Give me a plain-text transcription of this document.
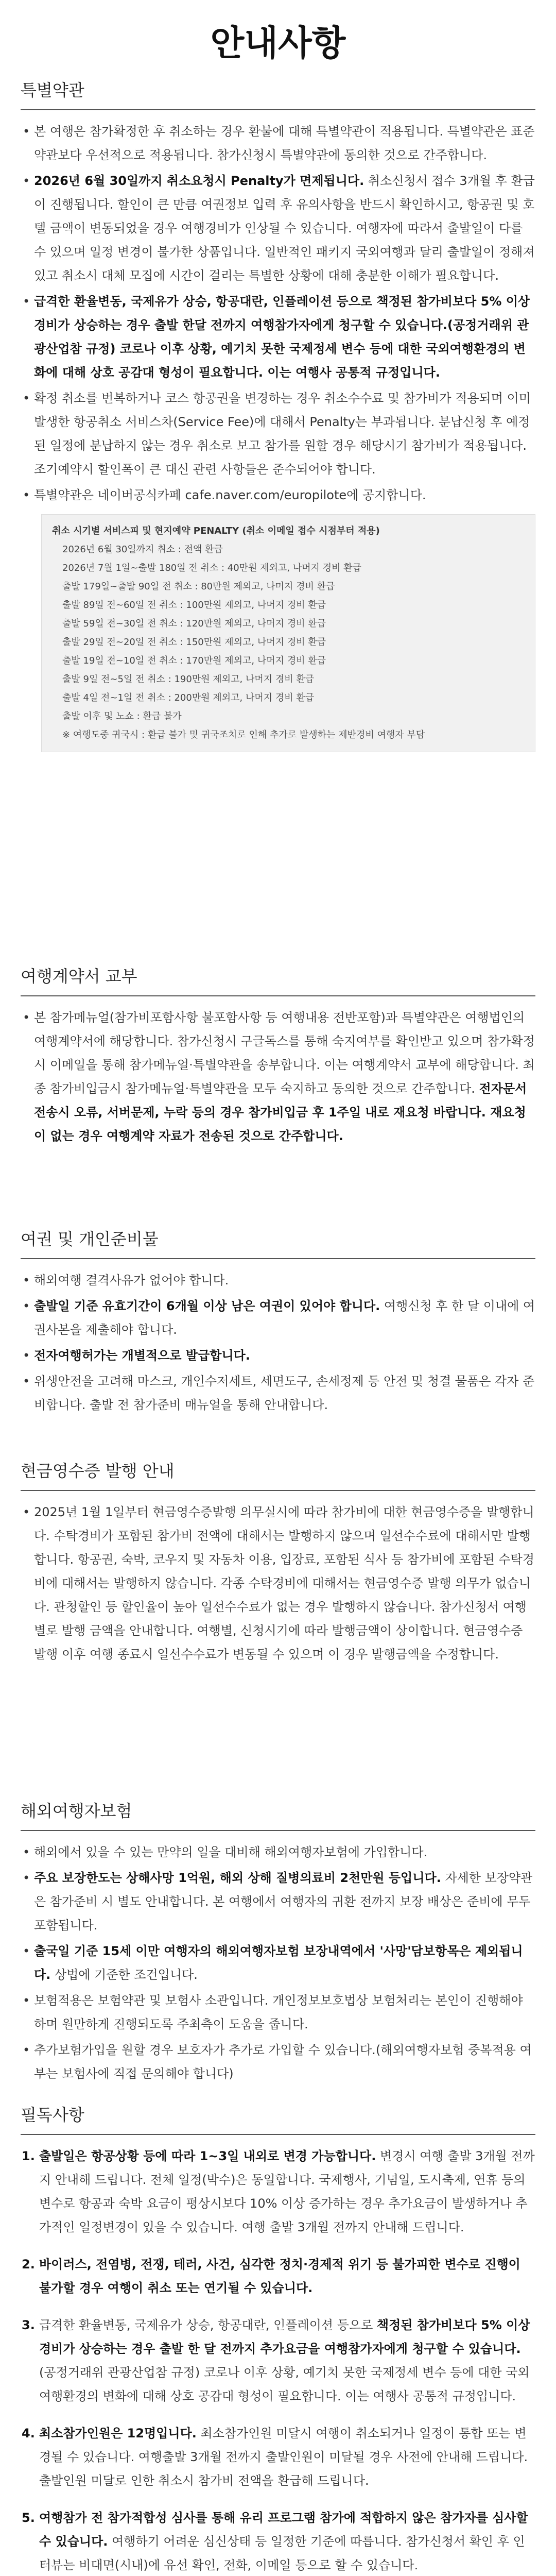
안내사항
특별약관
• 본 여행은 참가확정한 후 취소하는 경우 환불에 대해 특별약관이 적용됩니다. 특별약관은 표준약관보다 우선적으로 적용됩니다. 참가신청시 특별약관에 동의한 것으로 간주합니다.
• 2026년 6월 30일까지 취소요청시 Penalty가 면제됩니다. 취소신청서 접수 3개월 후 환급이 진행됩니다. 할인이 큰 만큼 여권정보 입력 후 유의사항을 반드시 확인하시고, 항공권 및 호텔 금액이 변동되었을 경우 여행경비가 인상될 수 있습니다. 여행자에 따라서 출발일이 다를 수 있으며 일정 변경이 불가한 상품입니다. 일반적인 패키지 국외여행과 달리 출발일이 정해져 있고 취소시 대체 모집에 시간이 걸리는 특별한 상황에 대해 충분한 이해가 필요합니다.
• 급격한 환율변동, 국제유가 상승, 항공대란, 인플레이션 등으로 책정된 참가비보다 5% 이상 경비가 상승하는 경우 출발 한달 전까지 여행참가자에게 청구할 수 있습니다.(공정거래위 관광산업참 규정) 코로나 이후 상황, 예기치 못한 국제정세 변수 등에 대한 국외여행환경의 변화에 대해 상호 공감대 형성이 필요합니다. 이는 여행사 공통적 규정입니다.
• 확정 취소를 번복하거나 코스 항공권을 변경하는 경우 취소수수료 및 참가비가 적용되며 이미 발생한 항공취소 서비스차(Service Fee)에 대해서 Penalty는 부과됩니다. 분납신청 후 예정된 일정에 분납하지 않는 경우 취소로 보고 참가를 원할 경우 해당시기 참가비가 적용됩니다. 조기예약시 할인폭이 큰 대신 관련 사항들은 준수되어야 합니다.
• 특별약관은 네이버공식카페 cafe.naver.com/europilote에 공지합니다.
취소 시기별 서비스피 및 현지예약 PENALTY (취소 이메일 접수 시점부터 적용)
2026년 6월 30일까지 취소 : 전액 환급
2026년 7월 1일~출발 180일 전 취소 : 40만원 제외고, 나머지 경비 환급
출발 179일~출발 90일 전 취소 : 80만원 제외고, 나머지 경비 환급
출발 89일 전~60일 전 취소 : 100만원 제외고, 나머지 경비 환급
출발 59일 전~30일 전 취소 : 120만원 제외고, 나머지 경비 환급
출발 29일 전~20일 전 취소 : 150만원 제외고, 나머지 경비 환급
출발 19일 전~10일 전 취소 : 170만원 제외고, 나머지 경비 환급
출발 9일 전~5일 전 취소 : 190만원 제외고, 나머지 경비 환급
출발 4일 전~1일 전 취소 : 200만원 제외고, 나머지 경비 환급
출발 이후 및 노쇼 : 환급 불가
※ 여행도중 귀국시 : 환급 불가 및 귀국조치로 인해 추가로 발생하는 제반경비 여행자 부담
여행계약서 교부
• 본 참가메뉴얼(참가비포함사항 불포함사항 등 여행내용 전반포함)과 특별약관은 여행법인의 여행계약서에 해당합니다. 참가신청시 구글독스를 통해 숙지여부를 확인받고 있으며 참가확정시 이메일을 통해 참가메뉴얼·특별약관을 송부합니다. 이는 여행계약서 교부에 해당합니다. 최종 참가비입금시 참가메뉴얼·특별약관을 모두 숙지하고 동의한 것으로 간주합니다. 전자문서 전송시 오류, 서버문제, 누락 등의 경우 참가비입금 후 1주일 내로 재요청 바랍니다. 재요청이 없는 경우 여행계약 자료가 전송된 것으로 간주합니다.
여권 및 개인준비물
• 해외여행 결격사유가 없어야 합니다.
• 출발일 기준 유효기간이 6개월 이상 남은 여권이 있어야 합니다. 여행신청 후 한 달 이내에 여권사본을 제출해야 합니다.
• 전자여행허가는 개별적으로 발급합니다.
• 위생안전을 고려해 마스크, 개인수저세트, 세면도구, 손세정제 등 안전 및 청결 물품은 각자 준비합니다. 출발 전 참가준비 매뉴얼을 통해 안내합니다.
현금영수증 발행 안내
• 2025년 1월 1일부터 현금영수증발행 의무실시에 따라 참가비에 대한 현금영수증을 발행합니다. 수탁경비가 포함된 참가비 전액에 대해서는 발행하지 않으며 일선수수료에 대해서만 발행합니다. 항공권, 숙박, 코우지 및 자동차 이용, 입장료, 포함된 식사 등 참가비에 포함된 수탁경비에 대해서는 발행하지 않습니다. 각종 수탁경비에 대해서는 현금영수증 발행 의무가 없습니다. 관청할인 등 할인율이 높아 일선수수료가 없는 경우 발행하지 않습니다. 참가신청서 여행별로 발행 금액을 안내합니다. 여행별, 신청시기에 따라 발행금액이 상이합니다. 현금영수증 발행 이후 여행 종료시 일선수수료가 변동될 수 있으며 이 경우 발행금액을 수정합니다.
해외여행자보험
• 해외에서 있을 수 있는 만약의 일을 대비해 해외여행자보험에 가입합니다.
• 주요 보장한도는 상해사망 1억원, 해외 상해 질병의료비 2천만원 등입니다. 자세한 보장약관은 참가준비 시 별도 안내합니다. 본 여행에서 여행자의 귀환 전까지 보장 배상은 준비에 무두 포함됩니다.
• 출국일 기준 15세 이만 여행자의 해외여행자보험 보장내역에서 '사망'담보항목은 제외됩니다. 상법에 기준한 조건입니다.
• 보험적용은 보험약관 및 보험사 소관입니다. 개인정보보호법상 보험처리는 본인이 진행해야 하며 원만하게 진행되도록 주최측이 도움을 줍니다.
• 추가보험가입을 원할 경우 보호자가 추가로 가입할 수 있습니다.(해외여행자보험 중복적용 여부는 보험사에 직접 문의해야 합니다)
필독사항
1. 출발일은 항공상황 등에 따라 1~3일 내외로 변경 가능합니다. 변경시 여행 출발 3개월 전까지 안내해 드립니다. 전체 일정(박수)은 동일합니다. 국제행사, 기념일, 도시축제, 연휴 등의 변수로 항공과 숙박 요금이 평상시보다 10% 이상 증가하는 경우 추가요금이 발생하거나 추가적인 일정변경이 있을 수 있습니다. 여행 출발 3개월 전까지 안내해 드립니다.
2. 바이러스, 전염병, 전쟁, 테러, 사건, 심각한 정치·경제적 위기 등 불가피한 변수로 진행이 불가할 경우 여행이 취소 또는 연기될 수 있습니다.
3. 급격한 환율변동, 국제유가 상승, 항공대란, 인플레이션 등으로 책정된 참가비보다 5% 이상 경비가 상승하는 경우 출발 한 달 전까지 추가요금을 여행참가자에게 청구할 수 있습니다. (공정거래위 관광산업참 규정) 코로나 이후 상황, 예기치 못한 국제정세 변수 등에 대한 국외여행환경의 변화에 대해 상호 공감대 형성이 필요합니다. 이는 여행사 공통적 규정입니다.
4. 최소참가인원은 12명입니다. 최소참가인원 미달시 여행이 취소되거나 일정이 통합 또는 변경될 수 있습니다. 여행출발 3개월 전까지 출발인원이 미달될 경우 사전에 안내해 드립니다. 출발인원 미달로 인한 취소시 참가비 전액을 환급해 드립니다.
5. 여행참가 전 참가적합성 심사를 통해 유리 프로그램 참가에 적합하지 않은 참가자를 심사할 수 있습니다. 여행하기 어려운 심신상태 등 일정한 기준에 따릅니다. 참가신청서 확인 후 인터뷰는 비대면(시내)에 유선 확인, 전화, 이메일 등으로 할 수 있습니다.
